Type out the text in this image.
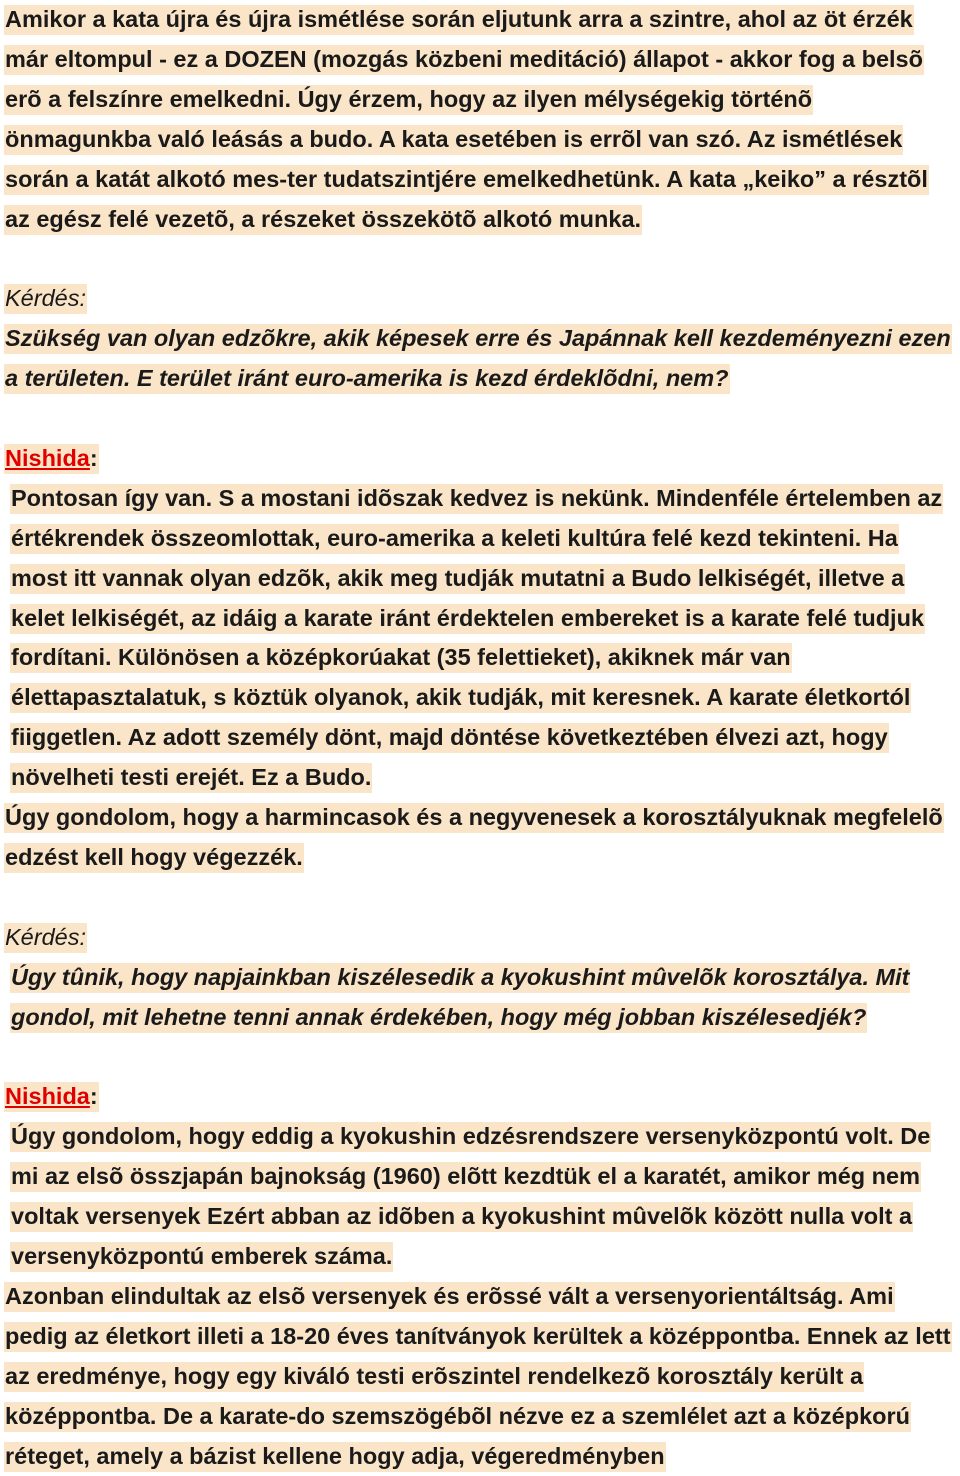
Amikor a kata újra és újra ismétlése során eljutunk arra a szintre, ahol az öt érzék már eltompul - ez a DOZEN (mozgás közbeni meditáció) állapot - akkor fog a belsõ erõ a felszínre emelkedni. Úgy érzem, hogy az ilyen mélységekig történõ önmagunkba való leásás a budo. A kata esetében is errõl van szó. Az ismétlések során a katát alkotó mes-ter tudatszintjére emelkedhetünk. A kata „keiko” a résztõl az egész felé vezetõ, a részeket összekötõ alkotó munka.

Kérdés:

Szükség van olyan edzõkre, akik képesek erre és Japánnak kell kezdeményezni ezen a területen. E terület iránt euro-amerika is kezd érdeklõdni, nem?

Nishida:

Pontosan így van. S a mostani idõszak kedvez is nekünk. Mindenféle értelemben az értékrendek összeomlottak, euro-amerika a keleti kultúra felé kezd tekinteni. Ha most itt vannak olyan edzõk, akik meg tudják mutatni a Budo lelkiségét, illetve a kelet lelkiségét, az idáig a karate iránt érdektelen embereket is a karate felé tudjuk fordítani. Különösen a középkorúakat (35 felettieket), akiknek már van élettapasztalatuk, s köztük olyanok, akik tudják, mit keresnek. A karate életkortól fiiggetlen. Az adott személy dönt, majd döntése következtében élvezi azt, hogy növelheti testi erejét. Ez a Budo.

Úgy gondolom, hogy a harmincasok és a negyvenesek a korosztályuknak megfelelõ edzést kell hogy végezzék.

Kérdés:

Úgy tûnik, hogy napjainkban kiszélesedik a kyokushint mûvelõk korosztálya. Mit gondol, mit lehetne tenni annak érdekében, hogy még jobban kiszélesedjék?

Nishida:

Úgy gondolom, hogy eddig a kyokushin edzésrendszere versenyközpontú volt. De mi az elsõ összjapán bajnokság (1960) elõtt kezdtük el a karatét, amikor még nem voltak versenyek Ezért abban az idõben a kyokushint mûvelõk között nulla volt a versenyközpontú emberek száma.

Azonban elindultak az elsõ versenyek és erõssé vált a versenyorientáltság. Ami pedig az életkort illeti a 18-20 éves tanítványok kerültek a középpontba. Ennek az lett az eredménye, hogy egy kiváló testi erõszintel rendelkezõ korosztály került a középpontba. De a karate-do szemszögébõl nézve ez a szemlélet azt a középkorú réteget, amely a bázist kellene hogy adja, végeredményben
